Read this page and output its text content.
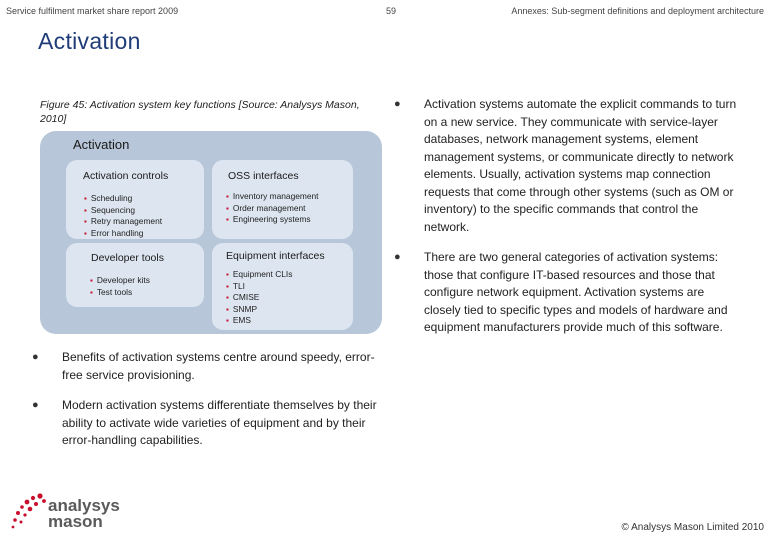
Service fulfilment market share report 2009	59	Annexes: Sub-segment definitions and deployment architecture
Activation
Figure 45: Activation system key functions [Source: Analysys Mason, 2010]
Activation
Activation controls
▪ Scheduling
▪ Sequencing
▪ Retry management
▪ Error handling
Developer tools
▪ Developer kits
▪ Test tools
OSS interfaces
▪ Inventory management
▪ Order management
▪ Engineering systems
Equipment interfaces
▪ Equipment CLIs
▪ TLI
▪ CMISE
▪ SNMP
▪ EMS
● Benefits of activation systems centre around speedy, error-free service provisioning.
● Modern activation systems differentiate themselves by their ability to activate wide varieties of equipment and by their error-handling capabilities.
● Activation systems automate the explicit commands to turn on a new service. They communicate with service-layer databases, network management systems, element management systems, or communicate directly to network elements. Usually, activation systems map connection requests that come through other systems (such as OM or inventory) to the specific commands that control the network.
● There are two general categories of activation systems: those that configure IT-based resources and those that configure network equipment. Activation systems are closely tied to specific types and models of hardware and equipment manufacturers provide much of this software.
analysys
mason	© Analysys Mason Limited 2010
